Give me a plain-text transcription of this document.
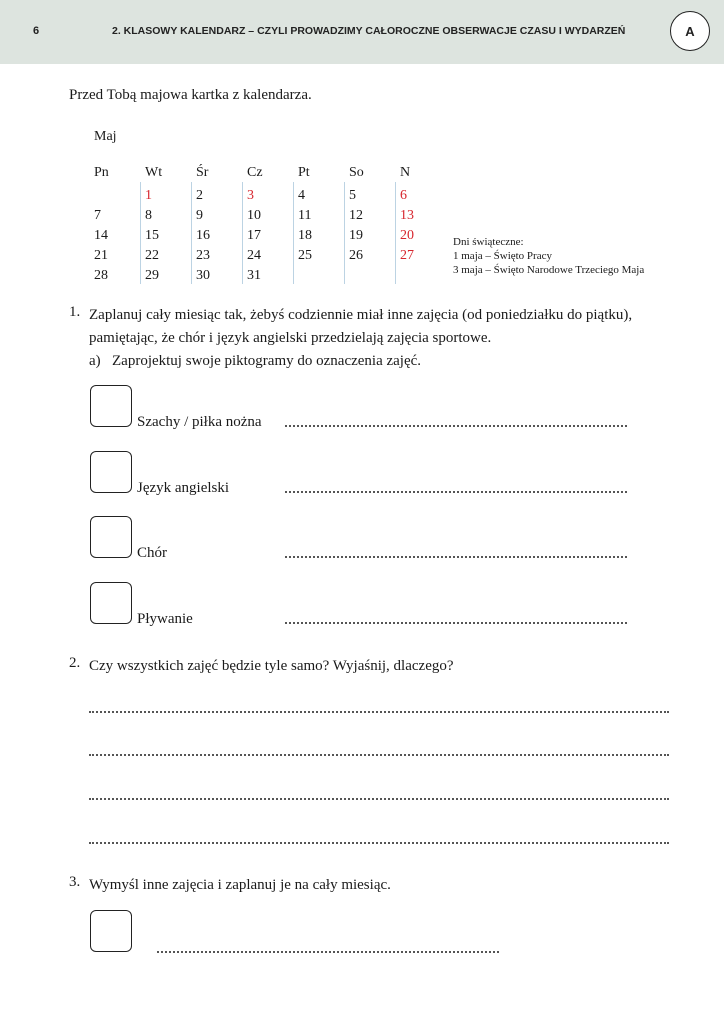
6	2. KLASOWY KALENDARZ – CZYLI PROWADZIMY CAŁOROCZNE OBSERWACJE CZASU I WYDARZEŃ	A
Przed Tobą majowa kartka z kalendarza.
Maj
Pn
7
14
21
28
Wt
1
8
15
22
29
Śr
2
9
16
23
30
Cz
3
10
17
24
31
Pt
4
11
18
25
So
5
12
19
26
N
6
13
20
27
Dni świąteczne:
1 maja – Święto Pracy
3 maja – Święto Narodowe Trzeciego Maja
1. Zaplanuj cały miesiąc tak, żebyś codziennie miał inne zajęcia (od poniedziałku do piątku),
pamiętając, że chór i język angielski przedzielają zajęcia sportowe.
a) Zaprojektuj swoje piktogramy do oznaczenia zajęć.
Szachy / piłka nożna
Język angielski
Chór
Pływanie
2. Czy wszystkich zajęć będzie tyle samo? Wyjaśnij, dlaczego?
3. Wymyśl inne zajęcia i zaplanuj je na cały miesiąc.
